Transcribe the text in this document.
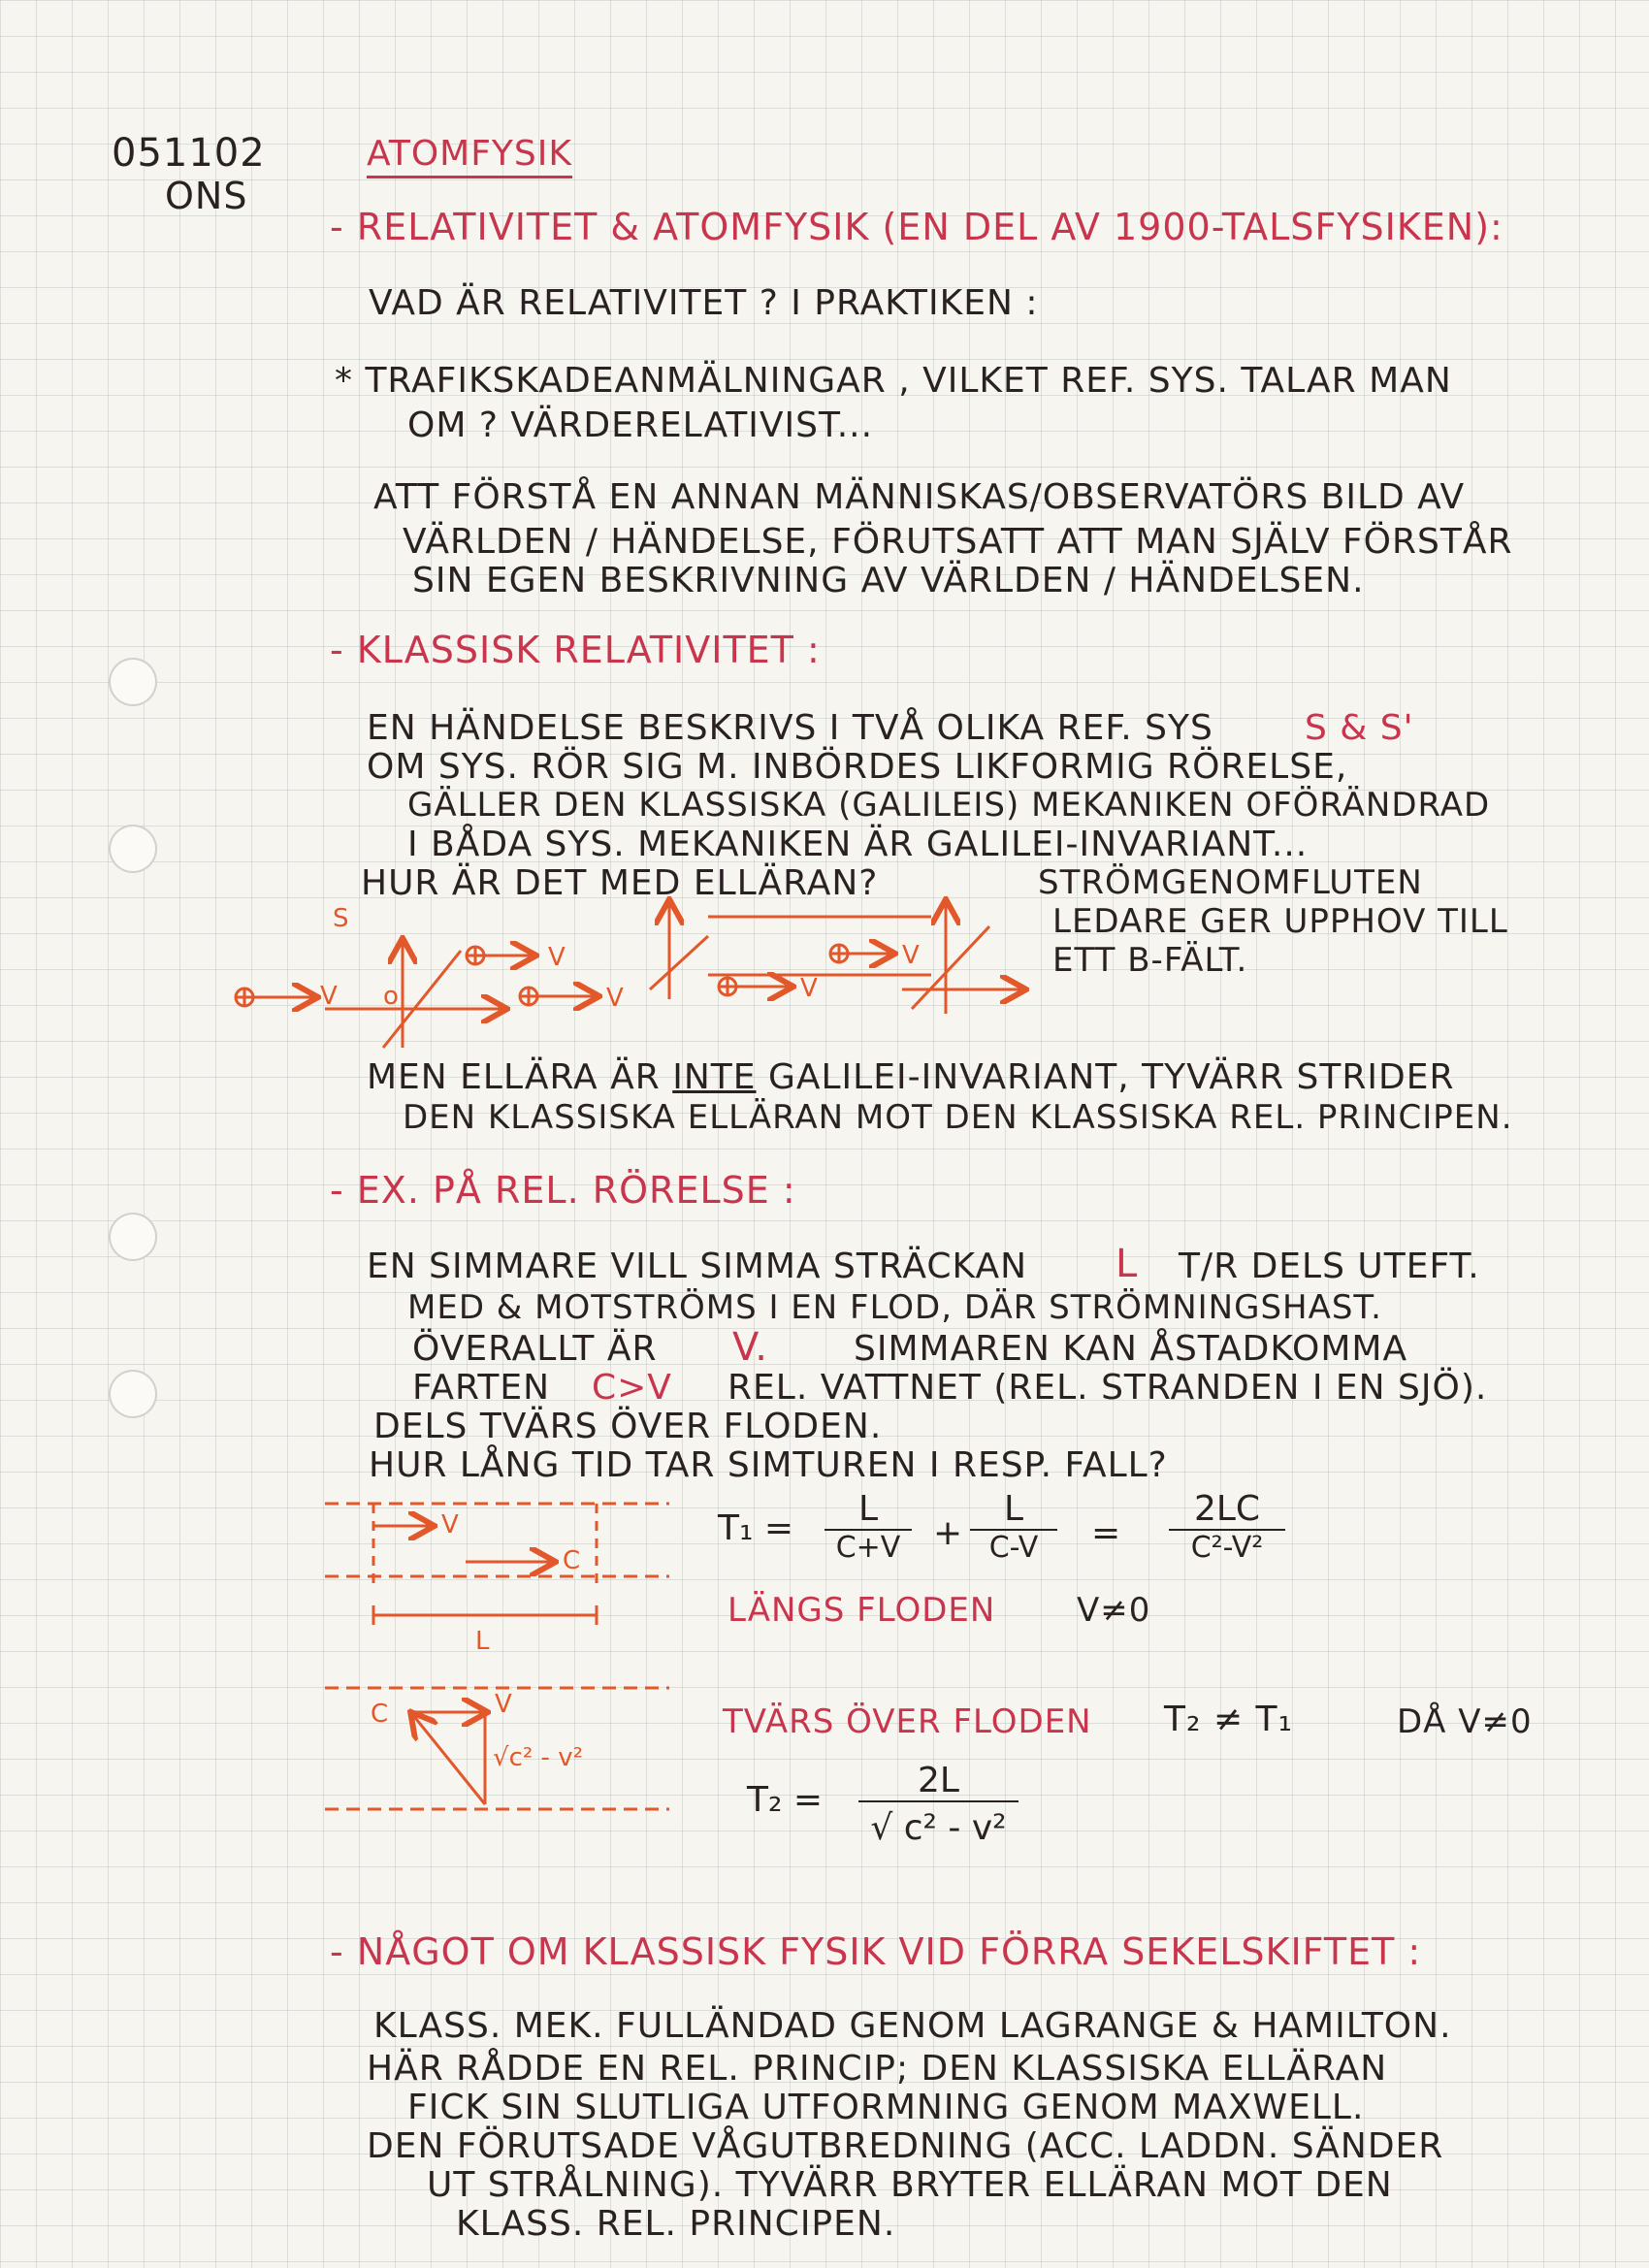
051102
ONS
ATOMFYSIK
- RELATIVITET & ATOMFYSIK (EN DEL AV 1900-TALSFYSIKEN):
VAD ÄR RELATIVITET ? I PRAKTIKEN :
* TRAFIKSKADEANMÄLNINGAR , VILKET REF. SYS. TALAR MAN
OM ? VÄRDERELATIVIST...
ATT FÖRSTÅ EN ANNAN MÄNNISKAS/OBSERVATÖRS BILD AV
VÄRLDEN / HÄNDELSE, FÖRUTSATT ATT MAN SJÄLV FÖRSTÅR
SIN EGEN BESKRIVNING AV VÄRLDEN / HÄNDELSEN.
- KLASSISK RELATIVITET :
EN HÄNDELSE BESKRIVS I TVÅ OLIKA REF. SYS	S & S'
OM SYS. RÖR SIG M. INBÖRDES LIKFORMIG RÖRELSE,
GÄLLER DEN KLASSISKA (GALILEIS) MEKANIKEN OFÖRÄNDRAD
I BÅDA SYS. MEKANIKEN ÄR GALILEI-INVARIANT...
HUR ÄR DET MED ELLÄRAN?	STRÖMGENOMFLUTEN
LEDARE GER UPPHOV TILL
ETT B-FÄLT.
S
V o
V
V	V
V
MEN ELLÄRA ÄR INTE GALILEI-INVARIANT, TYVÄRR STRIDER
DEN KLASSISKA ELLÄRAN MOT DEN KLASSISKA REL. PRINCIPEN.
- EX. PÅ REL. RÖRELSE :
EN SIMMARE VILL SIMMA STRÄCKAN L T/R DELS UTEFT.
MED & MOTSTRÖMS I EN FLOD, DÄR STRÖMNINGSHAST.
ÖVERALLT ÄR V. SIMMAREN KAN ÅSTADKOMMA
FARTEN C>V REL. VATTNET (REL. STRANDEN I EN SJÖ).
DELS TVÄRS ÖVER FLODEN.
HUR LÅNG TID TAR SIMTUREN I RESP. FALL?
V
C
L
T₁ =	L
C+V +
L
C-V	=
2LC
C²-V²
LÄNGS FLODEN V≠0
C	V
√c² - v²
TVÄRS ÖVER FLODEN T₂ ≠ T₁	DÅ V≠0
$T_2 = \frac{2L}{\text{√ c² - v²}}$
- NÅGOT OM KLASSISK FYSIK VID FÖRRA SEKELSKIFTET :
KLASS. MEK. FULLÄNDAD GENOM LAGRANGE & HAMILTON.
HÄR RÅDDE EN REL. PRINCIP; DEN KLASSISKA ELLÄRAN
FICK SIN SLUTLIGA UTFORMNING GENOM MAXWELL.
DEN FÖRUTSADE VÅGUTBREDNING (ACC. LADDN. SÄNDER
UT STRÅLNING). TYVÄRR BRYTER ELLÄRAN MOT DEN
KLASS. REL. PRINCIPEN.
